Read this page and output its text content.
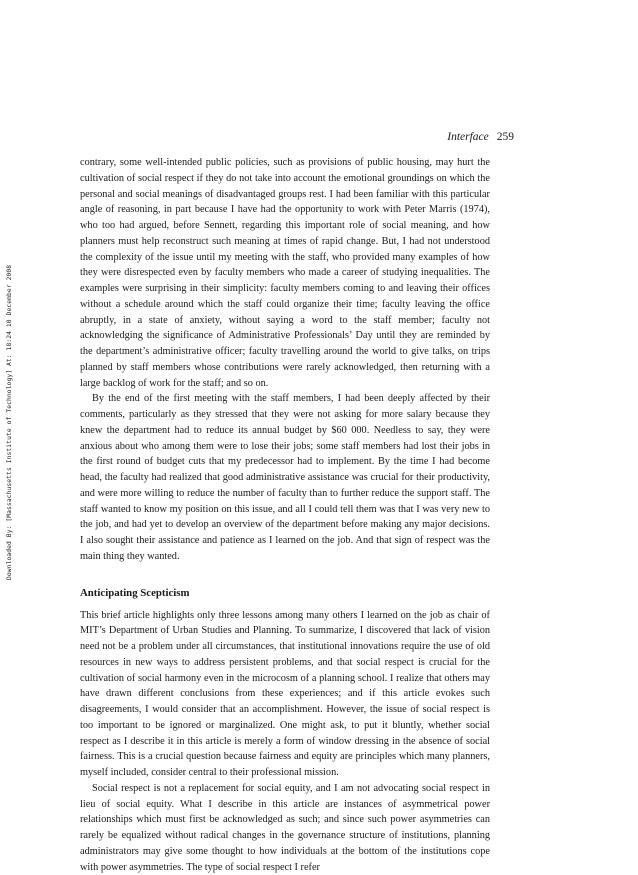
Interface 259
Downloaded By: [Massachusetts Institute of Technology] At: 18:24 10 December 2008

contrary, some well-intended public policies, such as provisions of public housing, may hurt the cultivation of social respect if they do not take into account the emotional groundings on which the personal and social meanings of disadvantaged groups rest. I had been familiar with this particular angle of reasoning, in part because I have had the opportunity to work with Peter Marris (1974), who too had argued, before Sennett, regarding this important role of social meaning, and how planners must help reconstruct such meaning at times of rapid change. But, I had not understood the complexity of the issue until my meeting with the staff, who provided many examples of how they were disrespected even by faculty members who made a career of studying inequalities. The examples were surprising in their simplicity: faculty members coming to and leaving their offices without a schedule around which the staff could organize their time; faculty leaving the office abruptly, in a state of anxiety, without saying a word to the staff member; faculty not acknowledging the significance of Administrative Professionals’ Day until they are reminded by the department’s administrative officer; faculty travelling around the world to give talks, on trips planned by staff members whose contributions were rarely acknowledged, then returning with a large backlog of work for the staff; and so on.

By the end of the first meeting with the staff members, I had been deeply affected by their comments, particularly as they stressed that they were not asking for more salary because they knew the department had to reduce its annual budget by $60 000. Needless to say, they were anxious about who among them were to lose their jobs; some staff members had lost their jobs in the first round of budget cuts that my predecessor had to implement. By the time I had become head, the faculty had realized that good administrative assistance was crucial for their productivity, and were more willing to reduce the number of faculty than to further reduce the support staff. The staff wanted to know my position on this issue, and all I could tell them was that I was very new to the job, and had yet to develop an overview of the department before making any major decisions. I also sought their assistance and patience as I learned on the job. And that sign of respect was the main thing they wanted.

Anticipating Scepticism

This brief article highlights only three lessons among many others I learned on the job as chair of MIT’s Department of Urban Studies and Planning. To summarize, I discovered that lack of vision need not be a problem under all circumstances, that institutional innovations require the use of old resources in new ways to address persistent problems, and that social respect is crucial for the cultivation of social harmony even in the microcosm of a planning school. I realize that others may have drawn different conclusions from these experiences; and if this article evokes such disagreements, I would consider that an accomplishment. However, the issue of social respect is too important to be ignored or marginalized. One might ask, to put it bluntly, whether social respect as I describe it in this article is merely a form of window dressing in the absence of social fairness. This is a crucial question because fairness and equity are principles which many planners, myself included, consider central to their professional mission.

Social respect is not a replacement for social equity, and I am not advocating social respect in lieu of social equity. What I describe in this article are instances of asymmetrical power relationships which must first be acknowledged as such; and since such power asymmetries can rarely be equalized without radical changes in the governance structure of institutions, planning administrators may give some thought to how individuals at the bottom of the institutions cope with power asymmetries. The type of social respect I refer
